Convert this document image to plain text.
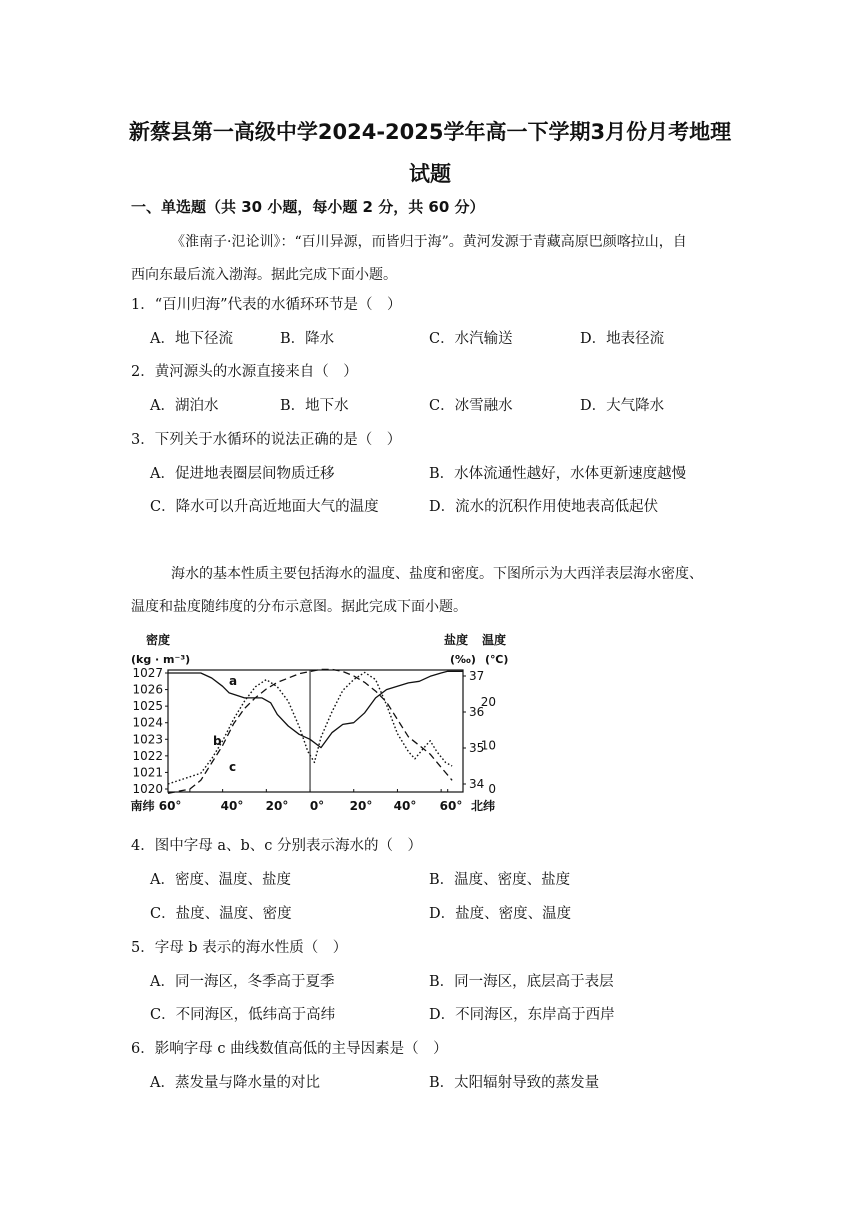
新蔡县第一高级中学2024-2025学年高一下学期3月份月考地理
试题
一、单选题（共 30 小题，每小题 2 分，共 60 分）
《淮南子·氾论训》：“百川异源，而皆归于海”。黄河发源于青藏高原巴颜喀拉山，自
西向东最后流入渤海。据此完成下面小题。
1．“百川归海”代表的水循环环节是（　）
A．地下径流	B．降水	C．水汽输送	D．地表径流
2．黄河源头的水源直接来自（　）
A．湖泊水	B．地下水	C．冰雪融水	D．大气降水
3．下列关于水循环的说法正确的是（　）
A．促进地表圈层间物质迁移	B．水体流通性越好，水体更新速度越慢
C．降水可以升高近地面大气的温度	D．流水的沉积作用使地表高低起伏
海水的基本性质主要包括海水的温度、盐度和密度。下图所示为大西洋表层海水密度、
温度和盐度随纬度的分布示意图。据此完成下面小题。
密度
(kg · m⁻³)
盐度
(‰)
温度
(℃)
1020
1021
1022
1023
1024
1025
1026
1027
34
35
36
37
0
10
20
南纬 60°	40° 20° 0° 20° 40° 60° 北纬
a
b
c
4．图中字母 a、b、c 分别表示海水的（　）
A．密度、温度、盐度	B．温度、密度、盐度
C．盐度、温度、密度	D．盐度、密度、温度
5．字母 b 表示的海水性质（　）
A．同一海区，冬季高于夏季	B．同一海区，底层高于表层
C．不同海区，低纬高于高纬	D．不同海区，东岸高于西岸
6．影响字母 c 曲线数值高低的主导因素是（　）
A．蒸发量与降水量的对比	B．太阳辐射导致的蒸发量
